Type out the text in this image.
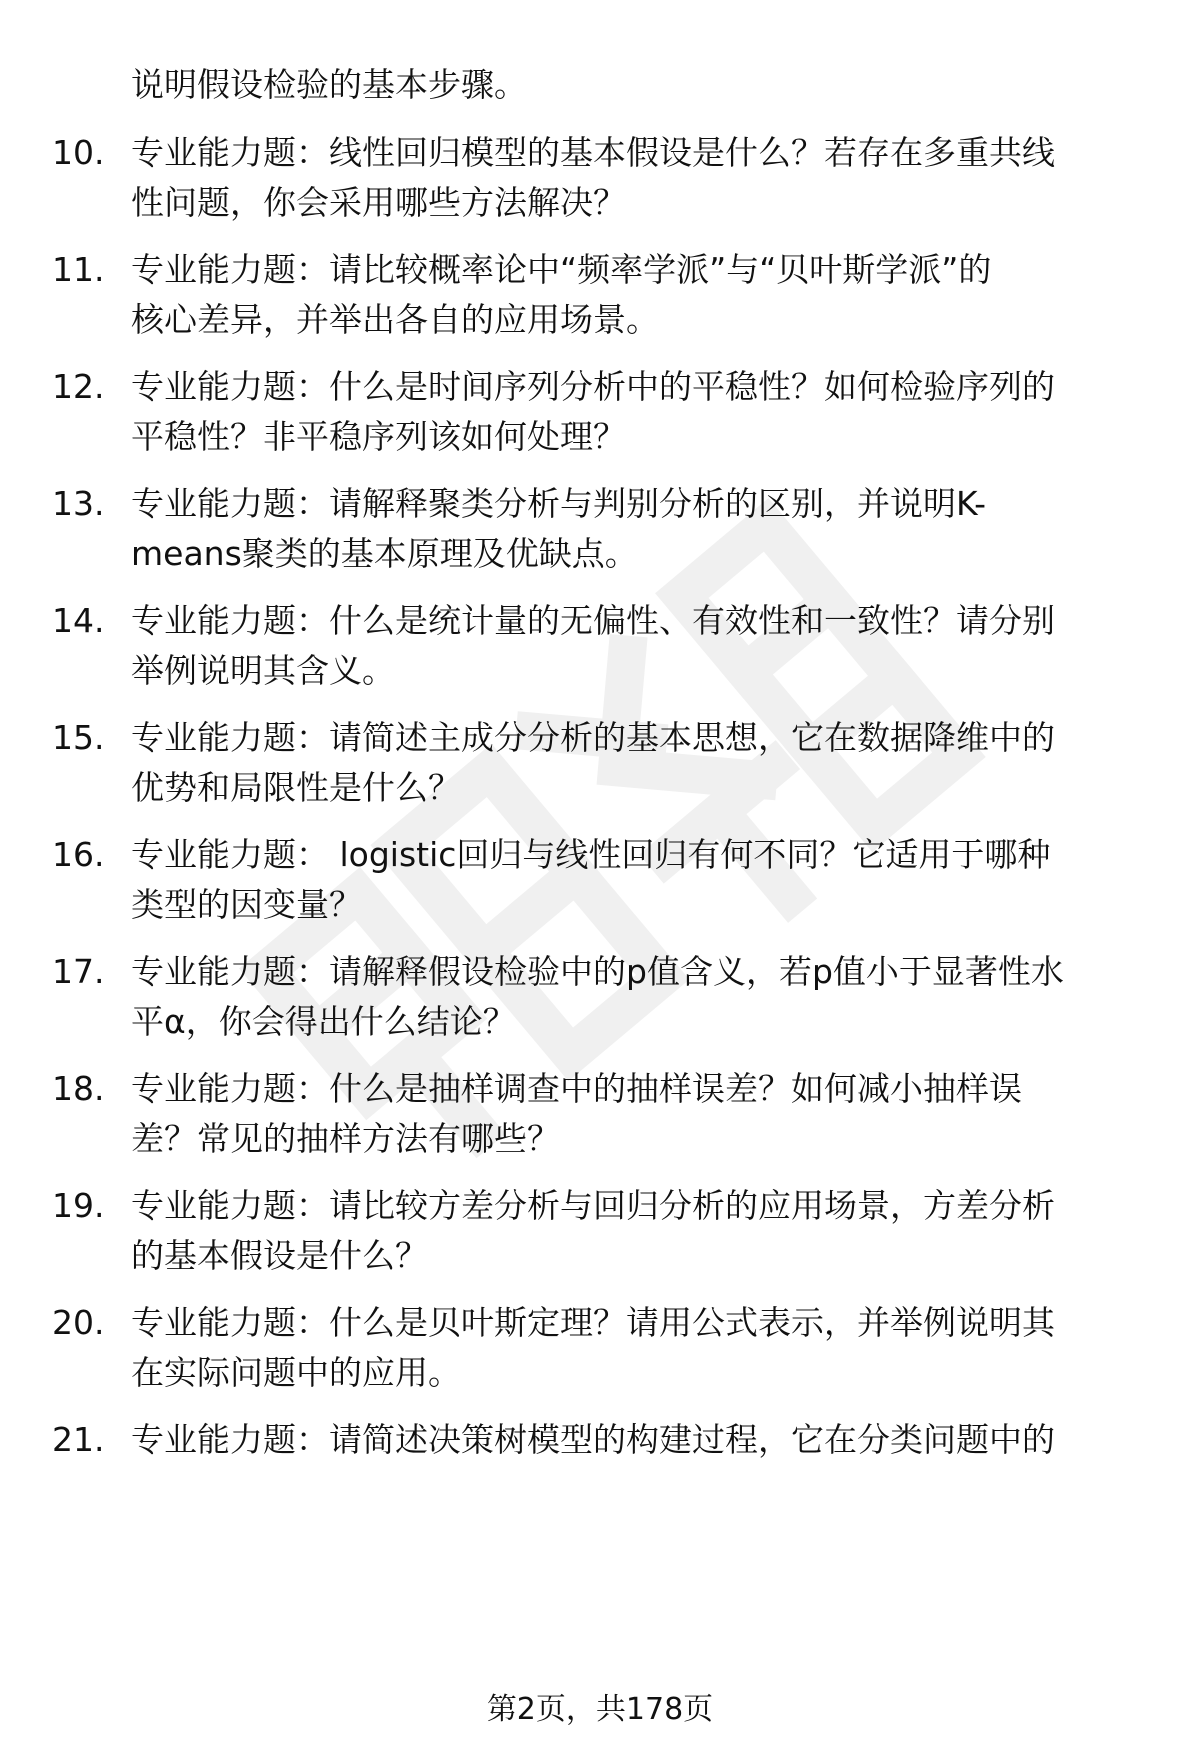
说明假设检验的基本步骤。
10. 专业能力题：线性回归模型的基本假设是什么？若存在多重共线
性问题，你会采用哪些方法解决？
11. 专业能力题：请比较概率论中“频率学派”与“贝叶斯学派”的
核心差异，并举出各自的应用场景。
12. 专业能力题：什么是时间序列分析中的平稳性？如何检验序列的
平稳性？非平稳序列该如何处理？
13. 专业能力题：请解释聚类分析与判别分析的区别，并说明K-
means聚类的基本原理及优缺点。
14. 专业能力题：什么是统计量的无偏性、有效性和一致性？请分别
举例说明其含义。
15. 专业能力题：请简述主成分分析的基本思想，它在数据降维中的
优势和局限性是什么？
16. 专业能力题： logistic回归与线性回归有何不同？它适用于哪种
类型的因变量？
17. 专业能力题：请解释假设检验中的p值含义，若p值小于显著性水
平α，你会得出什么结论？
18. 专业能力题：什么是抽样调查中的抽样误差？如何减小抽样误
差？常见的抽样方法有哪些？
19. 专业能力题：请比较方差分析与回归分析的应用场景，方差分析
的基本假设是什么？
20. 专业能力题：什么是贝叶斯定理？请用公式表示，并举例说明其
在实际问题中的应用。
21. 专业能力题：请简述决策树模型的构建过程，它在分类问题中的
第2页，共178页
